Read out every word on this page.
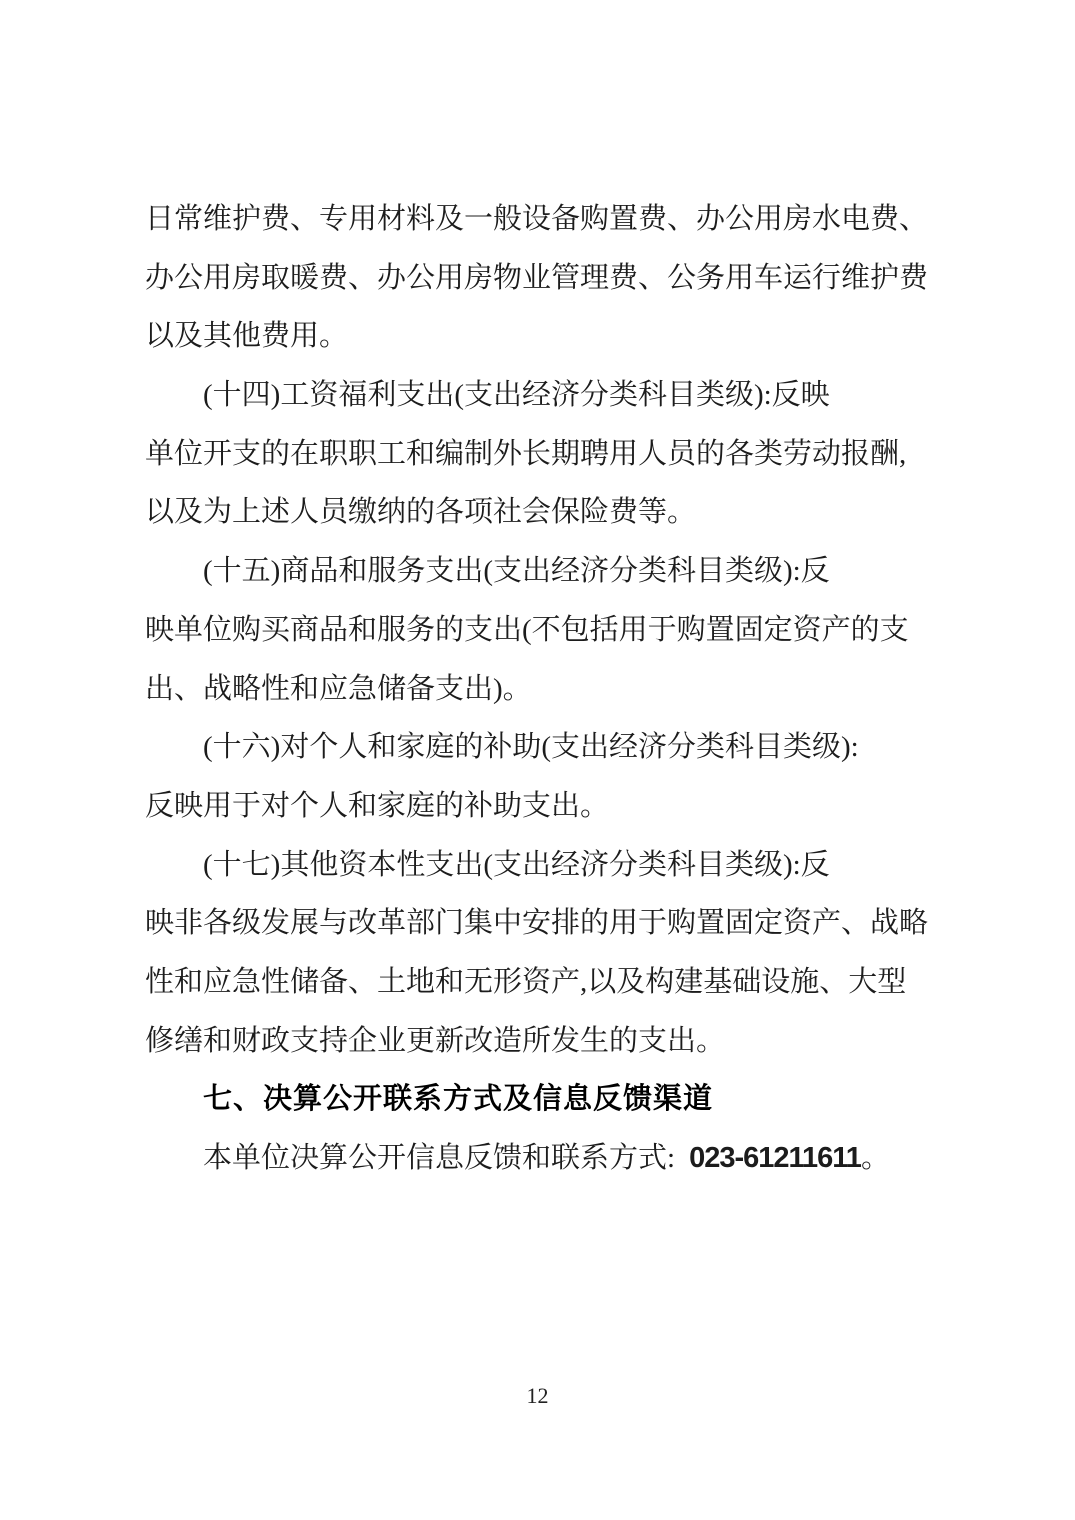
日常维护费、专用材料及一般设备购置费、办公用房水电费、
办公用房取暖费、办公用房物业管理费、公务用车运行维护费
以及其他费用。
(十四)工资福利支出(支出经济分类科目类级):反映
单位开支的在职职工和编制外长期聘用人员的各类劳动报酬,
以及为上述人员缴纳的各项社会保险费等。
(十五)商品和服务支出(支出经济分类科目类级):反
映单位购买商品和服务的支出(不包括用于购置固定资产的支
出、战略性和应急储备支出)。
(十六)对个人和家庭的补助(支出经济分类科目类级):
反映用于对个人和家庭的补助支出。
(十七)其他资本性支出(支出经济分类科目类级):反
映非各级发展与改革部门集中安排的用于购置固定资产、战略
性和应急性储备、土地和无形资产,以及构建基础设施、大型
修缮和财政支持企业更新改造所发生的支出。
七、决算公开联系方式及信息反馈渠道
本单位决算公开信息反馈和联系方式: 023-61211611。
12
